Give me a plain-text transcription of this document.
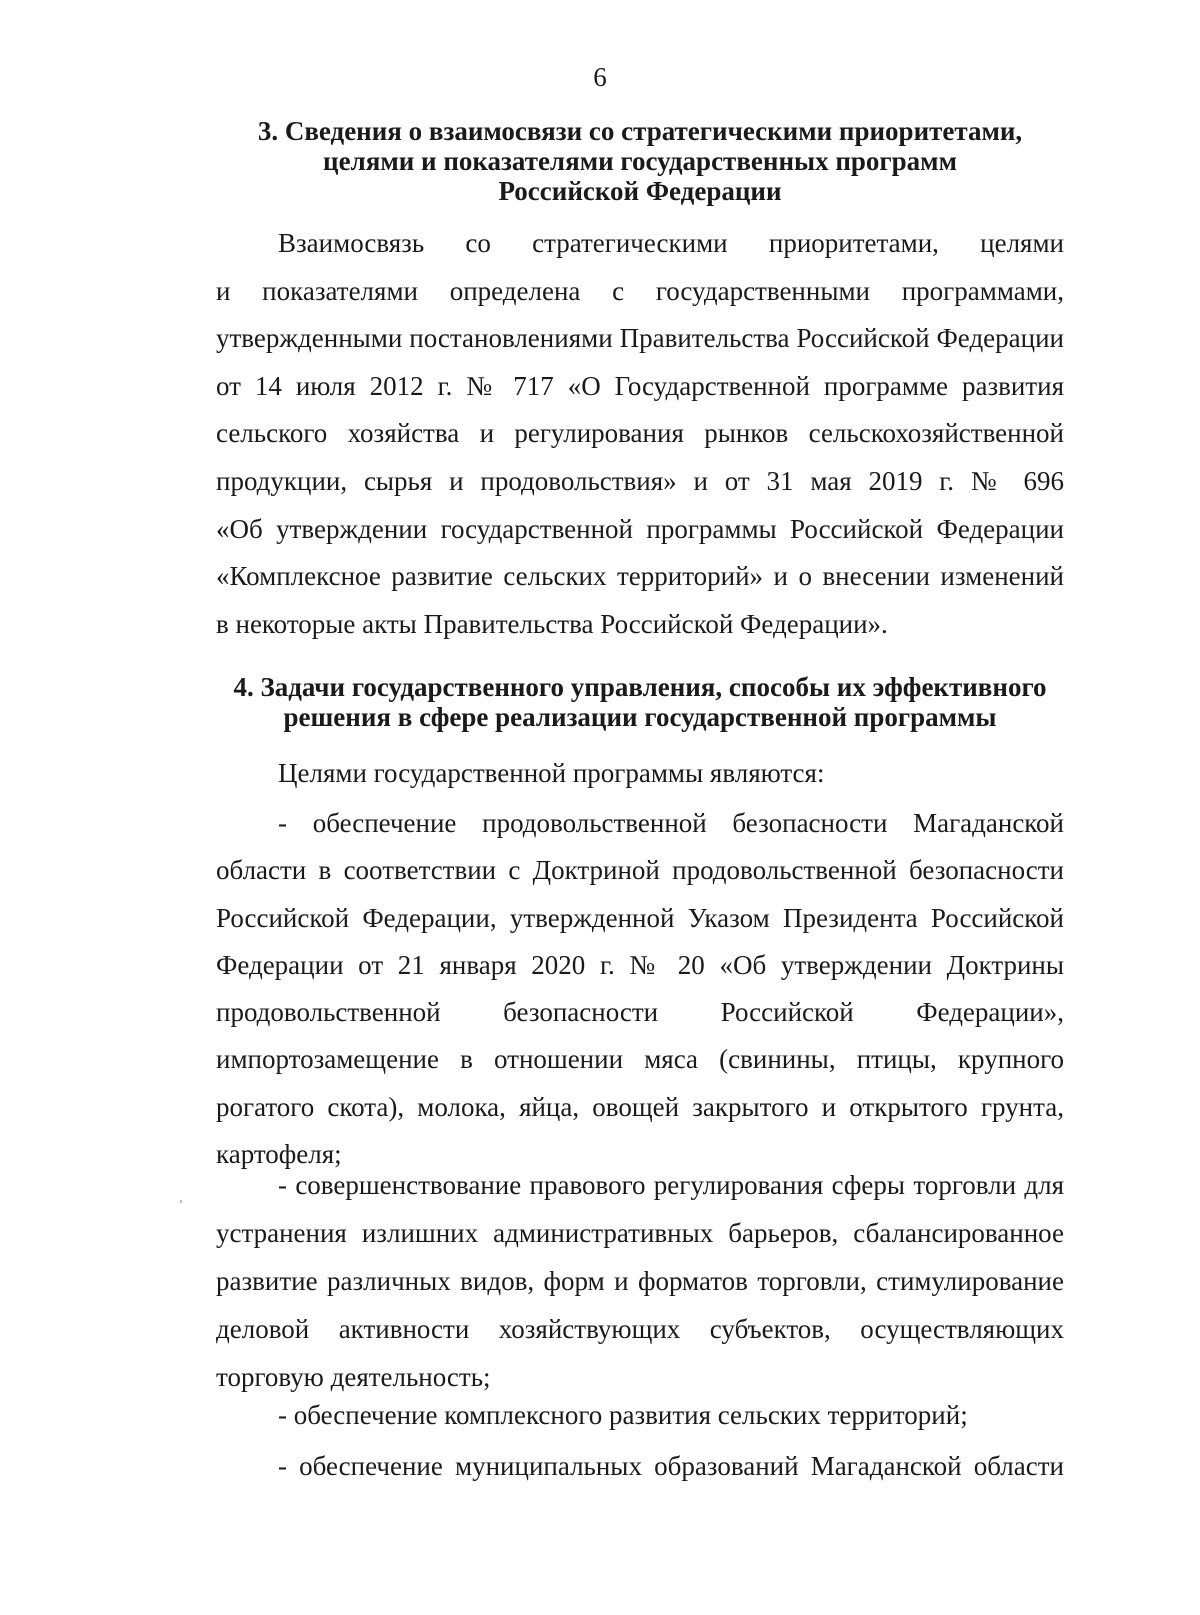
6
3. Сведения о взаимосвязи со стратегическими приоритетами,
целями и показателями государственных программ
Российской Федерации
Взаимосвязь со стратегическими приоритетами, целями
и показателями определена с государственными программами,
утвержденными постановлениями Правительства Российской Федерации
от 14 июля 2012 г. № 717 «О Государственной программе развития
сельского хозяйства и регулирования рынков сельскохозяйственной
продукции, сырья и продовольствия» и от 31 мая 2019 г. № 696
«Об утверждении государственной программы Российской Федерации
«Комплексное развитие сельских территорий» и о внесении изменений
в некоторые акты Правительства Российской Федерации».
4. Задачи государственного управления, способы их эффективного
решения в сфере реализации государственной программы
Целями государственной программы являются:
- обеспечение продовольственной безопасности Магаданской
области в соответствии с Доктриной продовольственной безопасности
Российской Федерации, утвержденной Указом Президента Российской
Федерации от 21 января 2020 г. № 20 «Об утверждении Доктрины
продовольственной безопасности Российской Федерации»,
импортозамещение в отношении мяса (свинины, птицы, крупного
рогатого скота), молока, яйца, овощей закрытого и открытого грунта,
картофеля;
- совершенствование правового регулирования сферы торговли для
устранения излишних административных барьеров, сбалансированное
развитие различных видов, форм и форматов торговли, стимулирование
деловой активности хозяйствующих субъектов, осуществляющих
торговую деятельность;
- обеспечение комплексного развития сельских территорий;
- обеспечение муниципальных образований Магаданской области
